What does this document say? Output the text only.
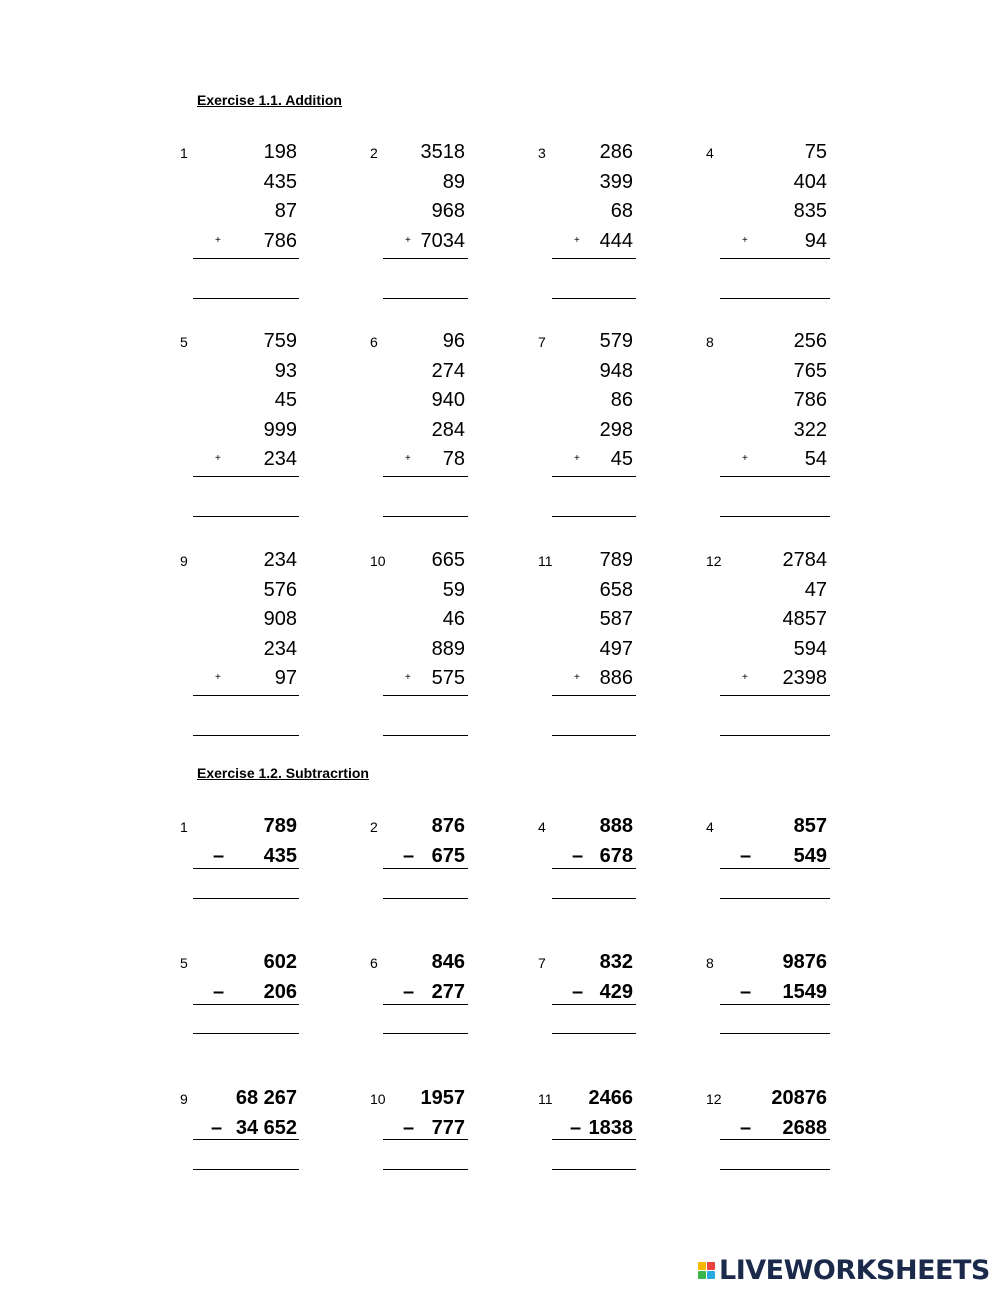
Exercise 1.1. Addition
1	198
435
87
786
+
2 3518
89
968
7034
+
3	286
399
68
444
+
4	75
404
835
94
+
5	759
93
45
999
234
+
6	96
274
940
284
78
+
7	579
948
86
298
45
+
8	256
765
786
322
54
+
9	234
576
908
234
97
+
10 665
59
46
889
575
+
11 789
658
587
497
886
+
12	2784
47
4857
594
2398
+
Exercise 1.2. Subtracrtion
1	789
435
–
2	876
675
–
4	888
678
–
4	857
549
–
5	602
206
–
6	846
277
–
7	832
429
–
8	9876
1549
–
9 68 267
34 652
–
10 1957
777
–
11 2466
1838
–
12 20876
2688
–
LIVEWORKSHEETS
